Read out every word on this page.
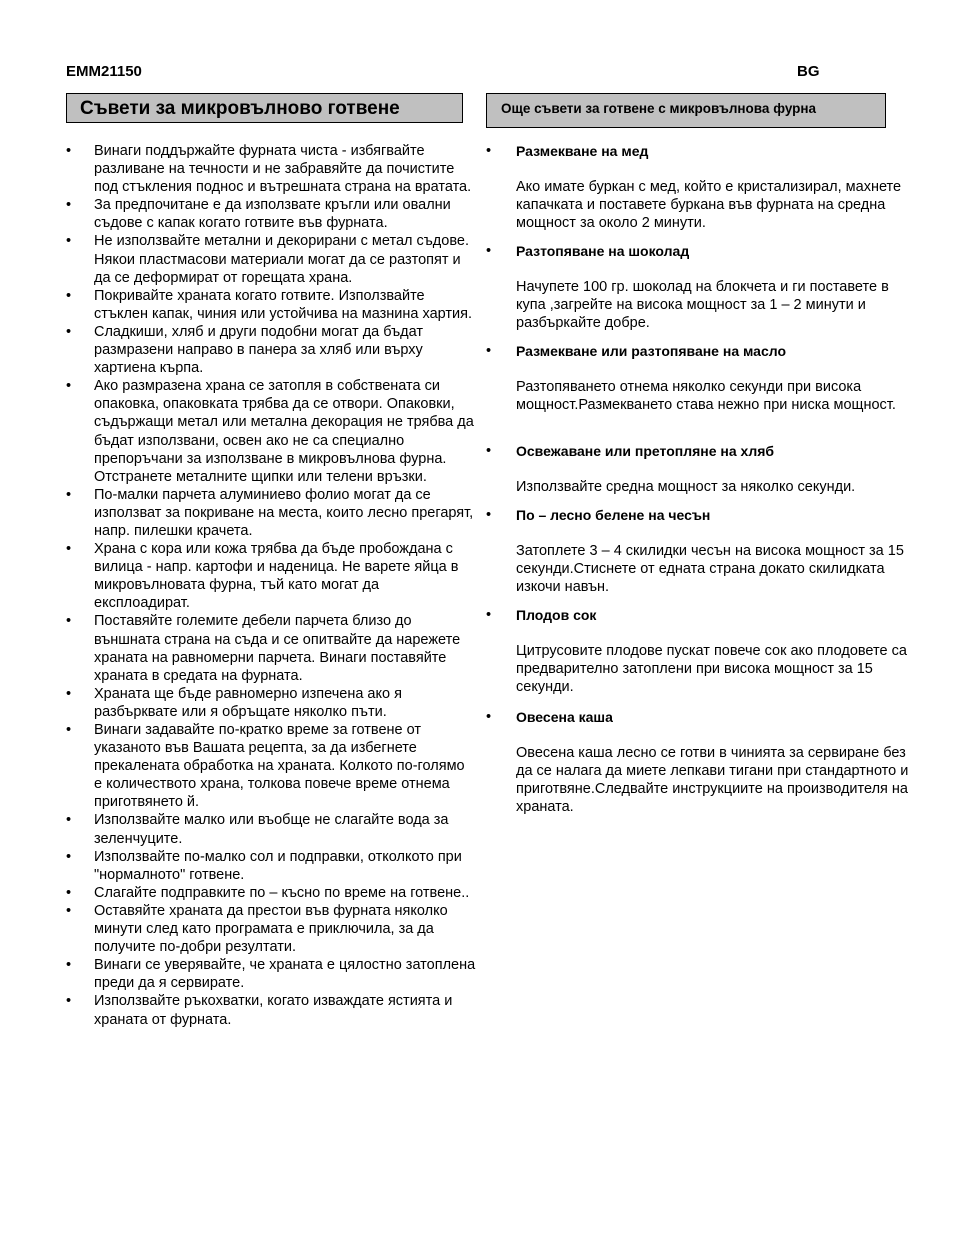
EMM21150	BG
Съвети за микровълново готвене	Още съвети за готвене с микровълнова фурна
• Винаги поддържайте фурната чиста - избягвайте разливане на течности и не забравяйте да почистите под стъкления поднос и вътрешната страна на вратата.
• За предпочитане е да използвате кръгли или овални съдове с капак когато готвите във фурната.
• Не използвайте метални и декорирани с метал съдове. Някои пластмасови материали могат да се разтопят и да се деформират от горещата храна.
• Покривайте храната когато готвите. Използвайте стъклен капак, чиния или устойчива на мазнина хартия.
• Сладкиши, хляб и други подобни могат да бъдат размразени направо в панера за хляб или върху хартиена кърпа.
• Ако размразена храна се затопля в собствената си опаковка, опаковката трябва да се отвори. Опаковки, съдържащи метал или метална декорация не трябва да бъдат използвани, освен ако не са специално препоръчани за използване в микровълнова фурна. Отстранете металните щипки или телени връзки.
• По-малки парчета алуминиево фолио могат да се използват за покриване на места, които лесно прегарят, напр. пилешки крачета.
• Храна с кора или кожа трябва да бъде пробождана с вилица - напр. картофи и наденица. Не варете яйца в микровълновата фурна, тъй като могат да експлоадират.
• Поставяйте големите дебели парчета близо до външната страна на съда и се опитвайте да нарежете храната на равномерни парчета. Винаги поставяйте храната в средата на фурната.
• Храната ще бъде равномерно изпечена ако я разбърквате или я обръщате няколко пъти.
• Винаги задавайте по-кратко време за готвене от указаното във Вашата рецепта, за да избегнете прекалената обработка на храната. Колкото по-голямо е количеството храна, толкова повече време отнема приготвянето й.
• Използвайте малко или въобще не слагайте вода за зеленчуците.
• Използвайте по-малко сол и подправки, отколкото при "нормалното" готвене.
• Слагайте подправките по – късно по време на готвене..
• Оставяйте храната да престои във фурната няколко минути след като програмата е приключила, за да получите по-добри резултати.
• Винаги се уверявайте, че храната е цялостно затоплена преди да я сервирате.
• Използвайте ръкохватки, когато изваждате ястията и храната от фурната.
• Размекване на мед
Ако имате буркан с мед, който е кристализирал, махнете капачката и поставете буркана във фурната на средна мощност за около 2 минути.
• Разтопяване на шоколад
Начупете 100 гр. шоколад на блокчета и ги поставете в купа ,загрейте на висока мощност за 1 – 2 минути и разбъркайте добре.
• Размекване или разтопяване на масло
Разтопяването отнема няколко секунди при висока мощност.Размекването става нежно при ниска мощност.
• Освежаване или претопляне на хляб
Използвайте средна мощност за няколко секунди.
• По – лесно белене на чесън
Затоплете 3 – 4 скилидки чесън на висока мощност за 15 секунди.Стиснете от едната страна докато скилидката изкочи навън.
• Плодов сок
Цитрусовите плодове пускат повече сок ако плодовете са предварително затоплени при висока мощност за 15 секунди.
• Овесена каша
Овесена каша лесно се готви в чинията за сервиране без да се налага да миете лепкави тигани при стандартното и приготвяне.Следвайте инструкциите на производителя на храната.
